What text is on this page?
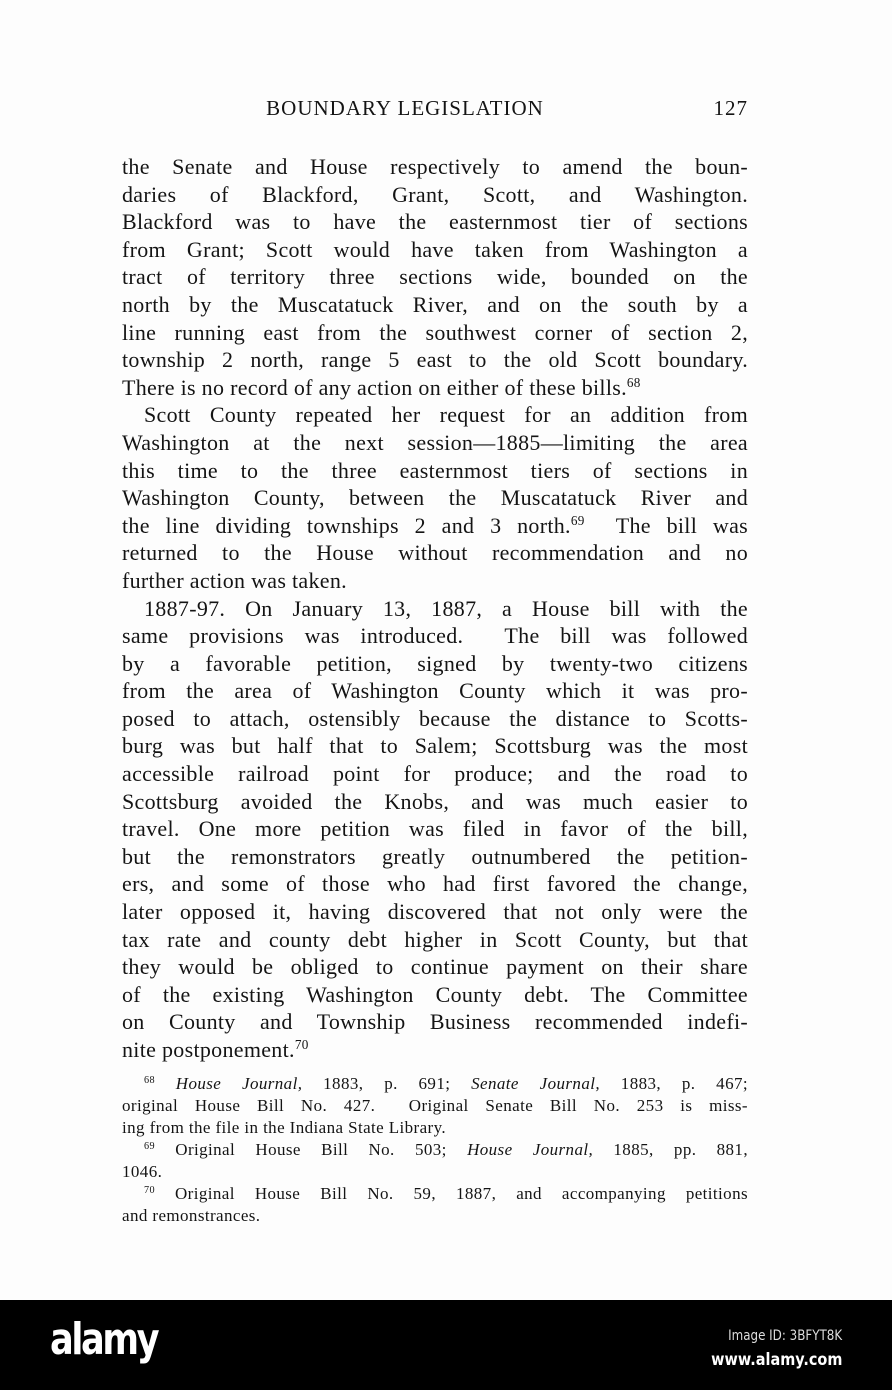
BOUNDARY LEGISLATION	127
the Senate and House respectively to amend the boun-
daries of Blackford, Grant, Scott, and Washington.
Blackford was to have the easternmost tier of sections
from Grant; Scott would have taken from Washington a
tract of territory three sections wide, bounded on the
north by the Muscatatuck River, and on the south by a
line running east from the southwest corner of section 2,
township 2 north, range 5 east to the old Scott boundary.
There is no record of any action on either of these bills.$^{68}$
Scott County repeated her request for an addition from
Washington at the next session—1885—limiting the area
this time to the three easternmost tiers of sections in
Washington County, between the Muscatatuck River and
the line dividing townships 2 and 3 north.$^{69}$  The bill was
returned to the House without recommendation and no
further action was taken.
1887-97. On January 13, 1887, a House bill with the
same provisions was introduced.  The bill was followed
by a favorable petition, signed by twenty-two citizens
from the area of Washington County which it was pro-
posed to attach, ostensibly because the distance to Scotts-
burg was but half that to Salem; Scottsburg was the most
accessible railroad point for produce; and the road to
Scottsburg avoided the Knobs, and was much easier to
travel. One more petition was filed in favor of the bill,
but the remonstrators greatly outnumbered the petition-
ers, and some of those who had first favored the change,
later opposed it, having discovered that not only were the
tax rate and county debt higher in Scott County, but that
they would be obliged to continue payment on their share
of the existing Washington County debt. The Committee
on County and Township Business recommended indefi-
nite postponement.$^{70}$
$^{68}$ House Journal, 1883, p. 691; Senate Journal, 1883, p. 467;
original House Bill No. 427.  Original Senate Bill No. 253 is miss-
ing from the file in the Indiana State Library.
$^{69}$ Original House Bill No. 503; House Journal, 1885, pp. 881,
1046.
$^{70}$ Original House Bill No. 59, 1887, and accompanying petitions
and remonstrances.
alamy	Image ID: 3BFYT8K
www.alamy.com
